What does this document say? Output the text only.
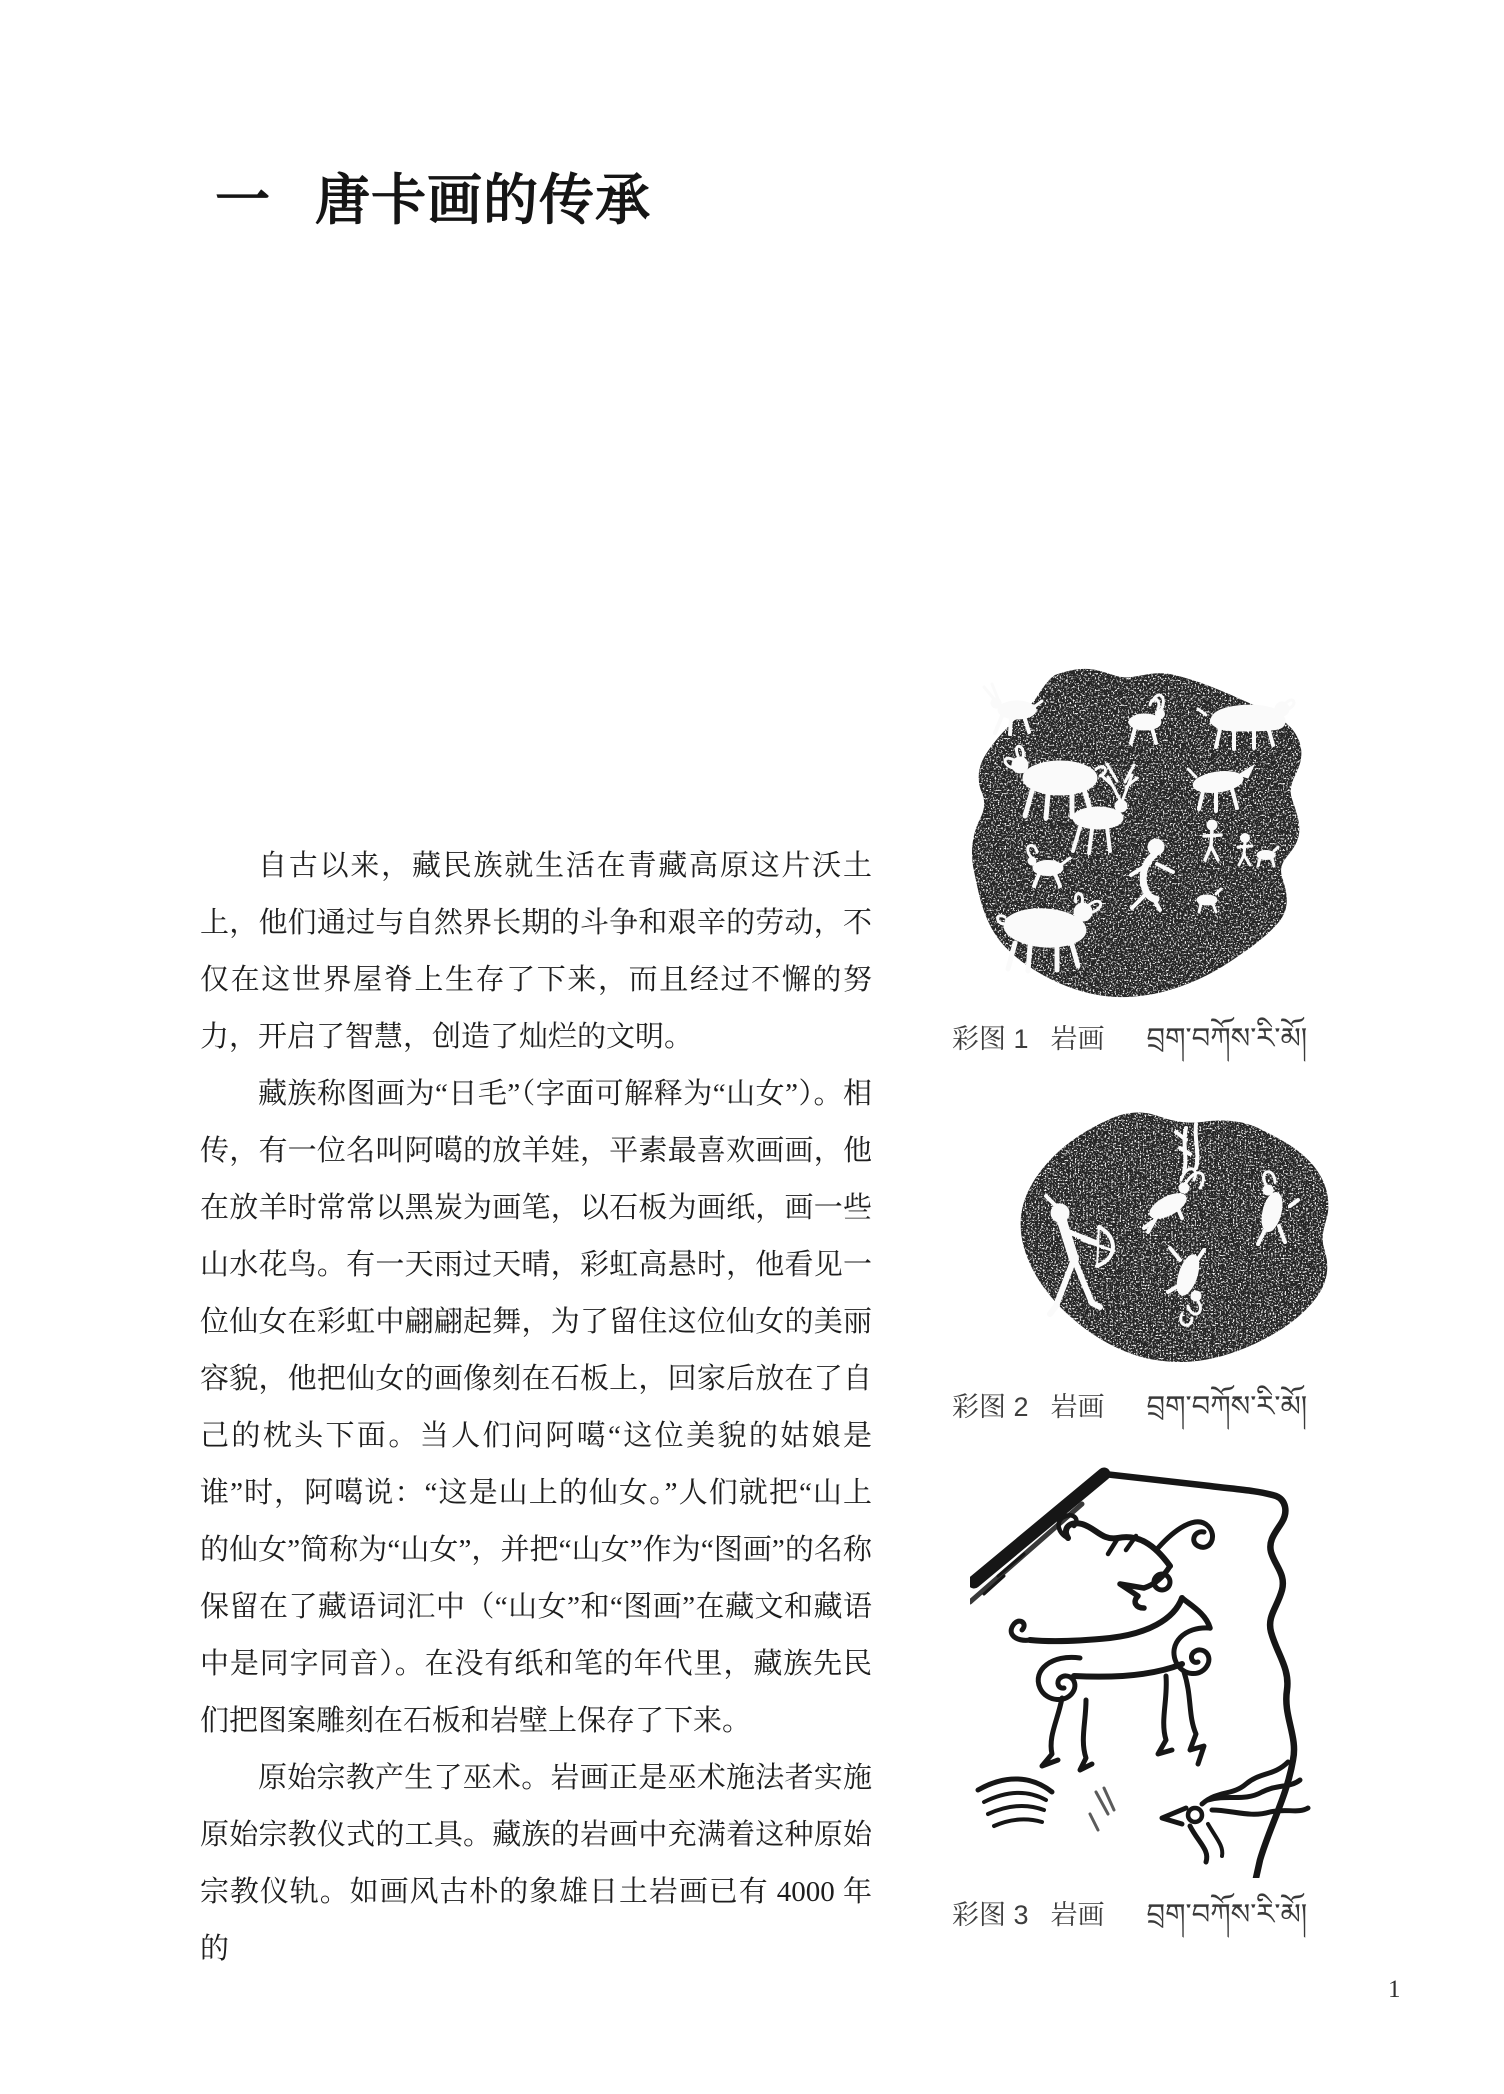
一 唐卡画的传承

自古以来，藏民族就生活在青藏高原这片沃土上，他们通过与自然界长期的斗争和艰辛的劳动，不仅在这世界屋脊上生存了下来，而且经过不懈的努力，开启了智慧，创造了灿烂的文明。

藏族称图画为“日毛”（字面可解释为“山女”）。相传，有一位名叫阿噶的放羊娃，平素最喜欢画画，他在放羊时常常以黑炭为画笔，以石板为画纸，画一些山水花鸟。有一天雨过天晴，彩虹高悬时，他看见一位仙女在彩虹中翩翩起舞，为了留住这位仙女的美丽容貌，他把仙女的画像刻在石板上，回家后放在了自己的枕头下面。当人们问阿噶“这位美貌的姑娘是谁”时，阿噶说：“这是山上的仙女。”人们就把“山上的仙女”简称为“山女”，并把“山女”作为“图画”的名称保留在了藏语词汇中（“山女”和“图画”在藏文和藏语中是同字同音）。在没有纸和笔的年代里，藏族先民们把图案雕刻在石板和岩壁上保存了下来。

原始宗教产生了巫术。岩画正是巫术施法者实施原始宗教仪式的工具。藏族的岩画中充满着这种原始宗教仪轨。如画风古朴的象雄日土岩画已有 4000 年的

彩图 1 岩画 བྲག་བཀོས་རི་མོ།
彩图 2 岩画 བྲག་བཀོས་རི་མོ།
彩图 3 岩画 བྲག་བཀོས་རི་མོ།
1
